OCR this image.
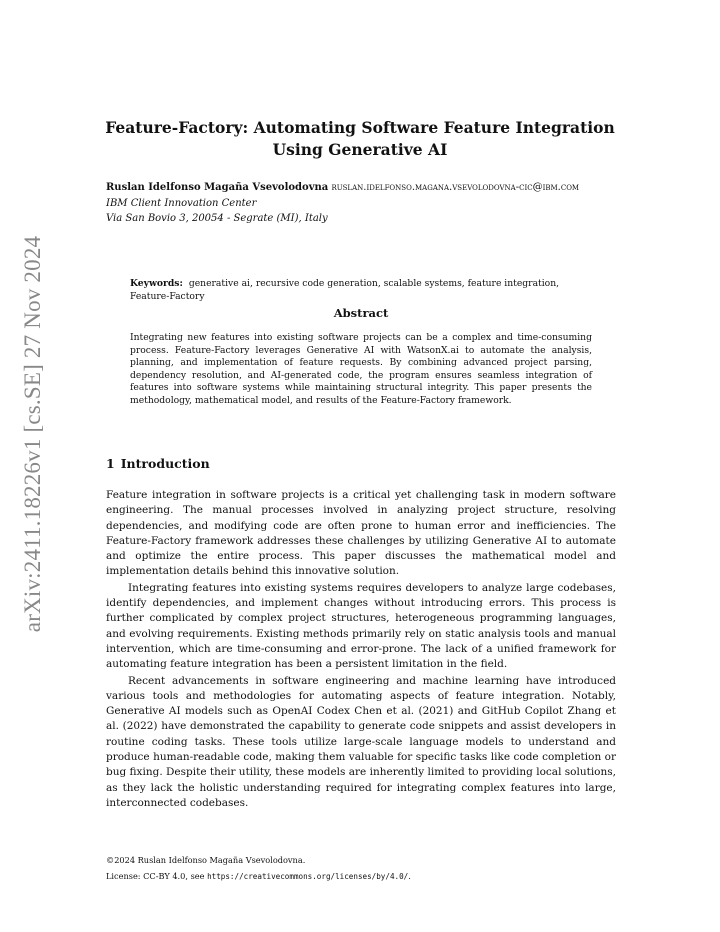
arXiv:2411.18226v1 [cs.SE] 27 Nov 2024
Feature-Factory: Automating Software Feature Integration Using Generative AI
Ruslan Idelfonso Magaña Vsevolodovna ruslan.idelfonso.magana.vsevolodovna-cic@ibm.com
IBM Client Innovation Center
Via San Bovio 3, 20054 - Segrate (MI), Italy
Keywords: generative ai, recursive code generation, scalable systems, feature integration, Feature-Factory
Abstract
Integrating new features into existing software projects can be a complex and time-consuming process. Feature-Factory leverages Generative AI with WatsonX.ai to automate the analysis, planning, and implementation of feature requests. By combining advanced project parsing, dependency resolution, and AI-generated code, the program ensures seamless integration of features into software systems while maintaining structural integrity. This paper presents the methodology, mathematical model, and results of the Feature-Factory framework.
1 Introduction

Feature integration in software projects is a critical yet challenging task in modern software engineering. The manual processes involved in analyzing project structure, resolving dependencies, and modifying code are often prone to human error and inefficiencies. The Feature-Factory framework addresses these challenges by utilizing Generative AI to automate and optimize the entire process. This paper discusses the mathematical model and implementation details behind this innovative solution.

Integrating features into existing systems requires developers to analyze large codebases, identify dependencies, and implement changes without introducing errors. This process is further complicated by complex project structures, heterogeneous programming languages, and evolving requirements. Existing methods primarily rely on static analysis tools and manual intervention, which are time-consuming and error-prone. The lack of a unified framework for automating feature integration has been a persistent limitation in the field.

Recent advancements in software engineering and machine learning have introduced various tools and methodologies for automating aspects of feature integration. Notably, Generative AI models such as OpenAI Codex Chen et al. (2021) and GitHub Copilot Zhang et al. (2022) have demonstrated the capability to generate code snippets and assist developers in routine coding tasks. These tools utilize large-scale language models to understand and produce human-readable code, making them valuable for specific tasks like code completion or bug fixing. Despite their utility, these models are inherently limited to providing local solutions, as they lack the holistic understanding required for integrating complex features into large, interconnected codebases.

©2024 Ruslan Idelfonso Magaña Vsevolodovna.
License: CC-BY 4.0, see https://creativecommons.org/licenses/by/4.0/.
